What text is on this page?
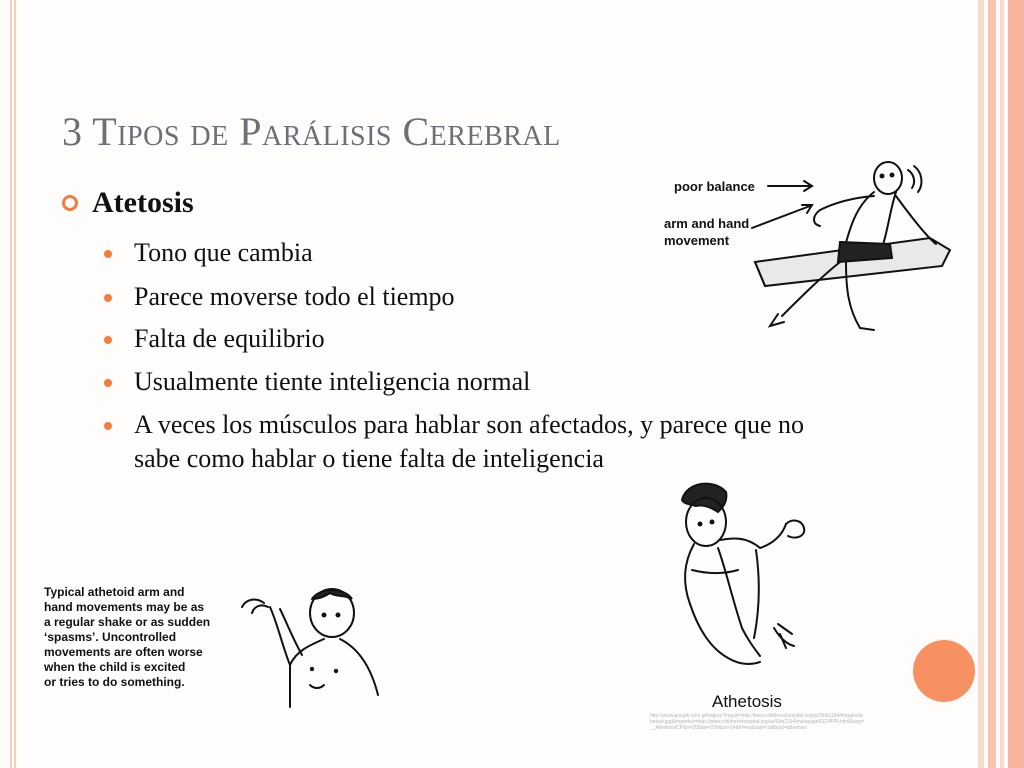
3 Tipos de Parálisis Cerebral
Atetosis
Tono que cambia
Parece moverse todo el tiempo
Falta de equilibrio
Usualmente tiente inteligencia normal
A veces los músculos para hablar son afectados, y parece que no sabe como hablar o tiene falta de inteligencia
poor balance
arm and hand
movement
Typical athetoid arm and
hand movements may be as
a regular shake or as sudden
‘spasms’. Uncontrolled
movements are often worse
when the child is excited
or tries to do something.
Athetosis
http://www.google.com.gt/imgres?imgurl=http://www.childrenshospital.org/az/Site1194/Images/athetoid.jpg&imgrefurl=http://www.childrenshospital.org/az/Site1194/mainpageS1194P0.html&usg=__AthetosisCP&h=265&w=200&sz=14&hl=es&start=1&tbnid=athetosis
